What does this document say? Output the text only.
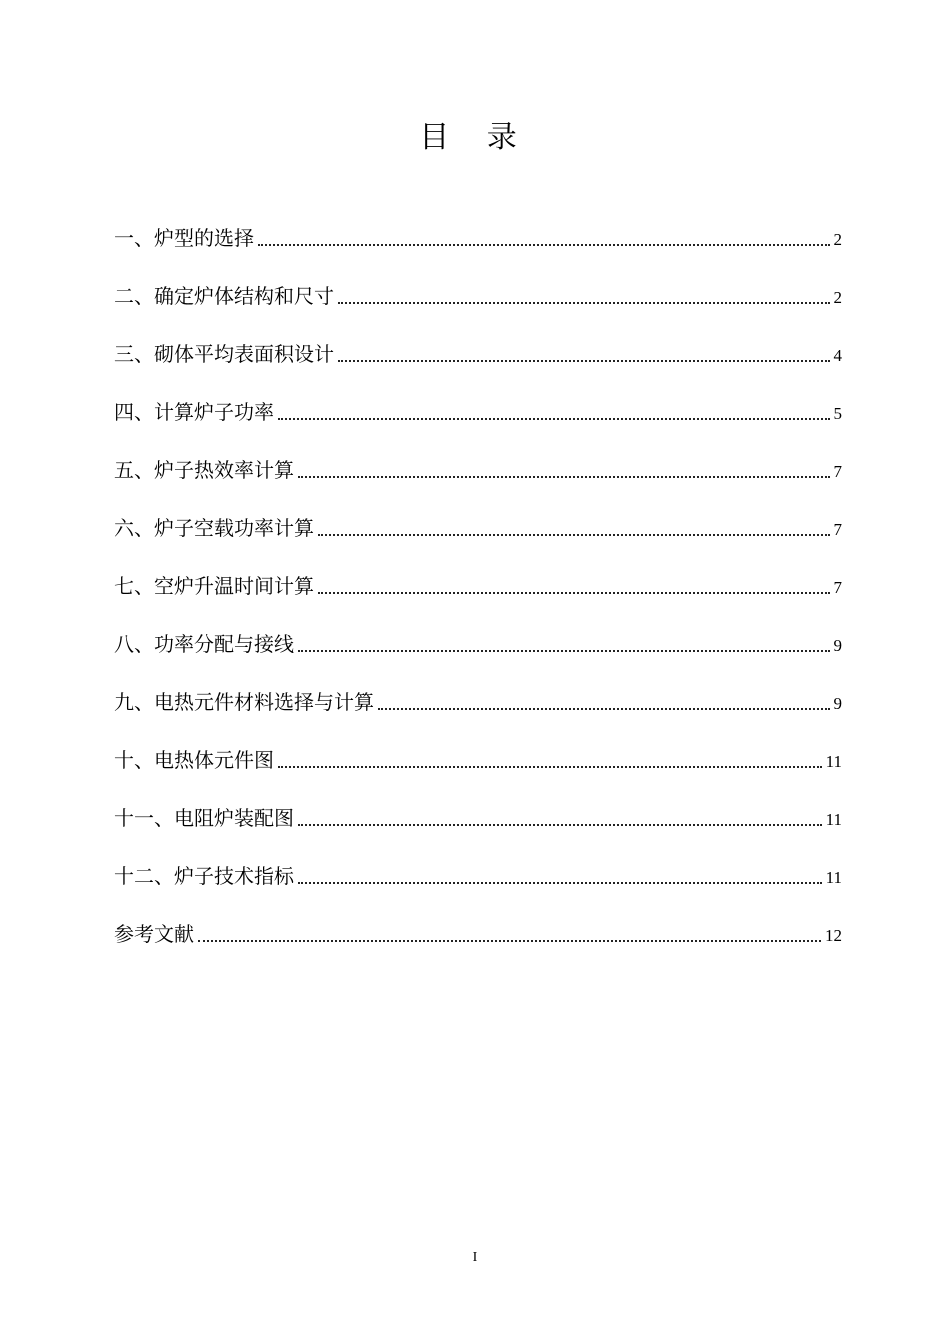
目 录
一、炉型的选择	2
二、确定炉体结构和尺寸	2
三、砌体平均表面积设计	4
四、计算炉子功率	5
五、炉子热效率计算	7
六、炉子空载功率计算	7
七、空炉升温时间计算	7
八、功率分配与接线	9
九、电热元件材料选择与计算	9
十、电热体元件图	11
十一、电阻炉装配图	11
十二、炉子技术指标	11
参考文献	12
I
